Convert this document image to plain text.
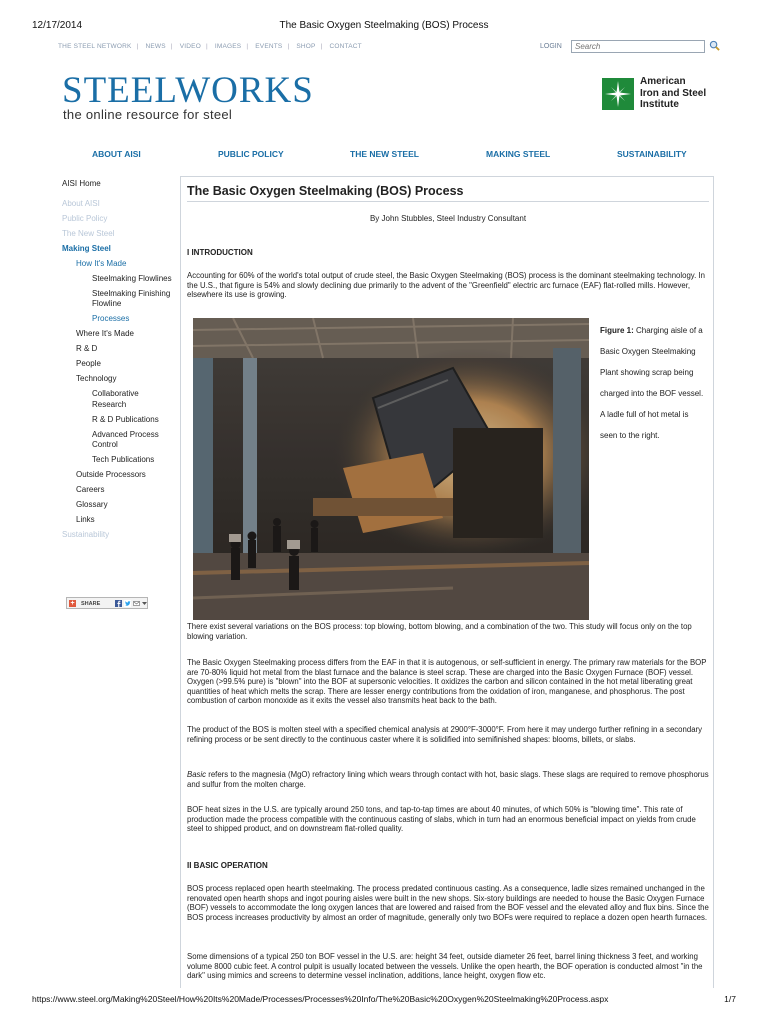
12/17/2014	The Basic Oxygen Steelmaking (BOS) Process
THE STEEL NETWORK | NEWS | VIDEO | IMAGES | EVENTS | SHOP | CONTACT	LOGIN
Search
STEELWORKS
the online resource for steel
American
Iron and Steel
Institute
ABOUT AISI	PUBLIC POLICY	THE NEW STEEL	MAKING STEEL	SUSTAINABILITY
AISI Home
About AISI
Public Policy
The New Steel
Making Steel
How It's Made
Steelmaking Flowlines
Steelmaking Finishing Flowline
Processes
Where It's Made
R & D
People
Technology
Collaborative Research
R & D Publications
Advanced Process Control
Tech Publications
Outside Processors
Careers
Glossary
Links
Sustainability
+ SHARE
The Basic Oxygen Steelmaking (BOS) Process
By John Stubbles, Steel Industry Consultant
I INTRODUCTION

Accounting for 60% of the world's total output of crude steel, the Basic Oxygen Steelmaking (BOS) process is the dominant steelmaking technology. In the U.S., that figure is 54% and slowly declining due primarily to the advent of the "Greenfield" electric arc furnace (EAF) flat-rolled mills. However, elsewhere its use is growing.

Figure 1: Charging aisle of a Basic Oxygen Steelmaking Plant showing scrap being charged into the BOF vessel. A ladle full of hot metal is seen to the right.

There exist several variations on the BOS process: top blowing, bottom blowing, and a combination of the two. This study will focus only on the top blowing variation.

The Basic Oxygen Steelmaking process differs from the EAF in that it is autogenous, or self-sufficient in energy. The primary raw materials for the BOP are 70-80% liquid hot metal from the blast furnace and the balance is steel scrap. These are charged into the Basic Oxygen Furnace (BOF) vessel. Oxygen (>99.5% pure) is "blown" into the BOF at supersonic velocities. It oxidizes the carbon and silicon contained in the hot metal liberating great quantities of heat which melts the scrap. There are lesser energy contributions from the oxidation of iron, manganese, and phosphorus. The post combustion of carbon monoxide as it exits the vessel also transmits heat back to the bath.

The product of the BOS is molten steel with a specified chemical analysis at 2900°F-3000°F. From here it may undergo further refining in a secondary refining process or be sent directly to the continuous caster where it is solidified into semifinished shapes: blooms, billets, or slabs.

Basic refers to the magnesia (MgO) refractory lining which wears through contact with hot, basic slags. These slags are required to remove phosphorus and sulfur from the molten charge.

BOF heat sizes in the U.S. are typically around 250 tons, and tap-to-tap times are about 40 minutes, of which 50% is "blowing time". This rate of production made the process compatible with the continuous casting of slabs, which in turn had an enormous beneficial impact on yields from crude steel to shipped product, and on downstream flat-rolled quality.

II BASIC OPERATION

BOS process replaced open hearth steelmaking. The process predated continuous casting. As a consequence, ladle sizes remained unchanged in the renovated open hearth shops and ingot pouring aisles were built in the new shops. Six-story buildings are needed to house the Basic Oxygen Furnace (BOF) vessels to accommodate the long oxygen lances that are lowered and raised from the BOF vessel and the elevated alloy and flux bins. Since the BOS process increases productivity by almost an order of magnitude, generally only two BOFs were required to replace a dozen open hearth furnaces.

Some dimensions of a typical 250 ton BOF vessel in the U.S. are: height 34 feet, outside diameter 26 feet, barrel lining thickness 3 feet, and working volume 8000 cubic feet. A control pulpit is usually located between the vessels. Unlike the open hearth, the BOF operation is conducted almost "in the dark" using mimics and screens to determine vessel inclination, additions, lance height, oxygen flow etc.

https://www.steel.org/Making%20Steel/How%20Its%20Made/Processes/Processes%20Info/The%20Basic%20Oxygen%20Steelmaking%20Process.aspx	1/7
